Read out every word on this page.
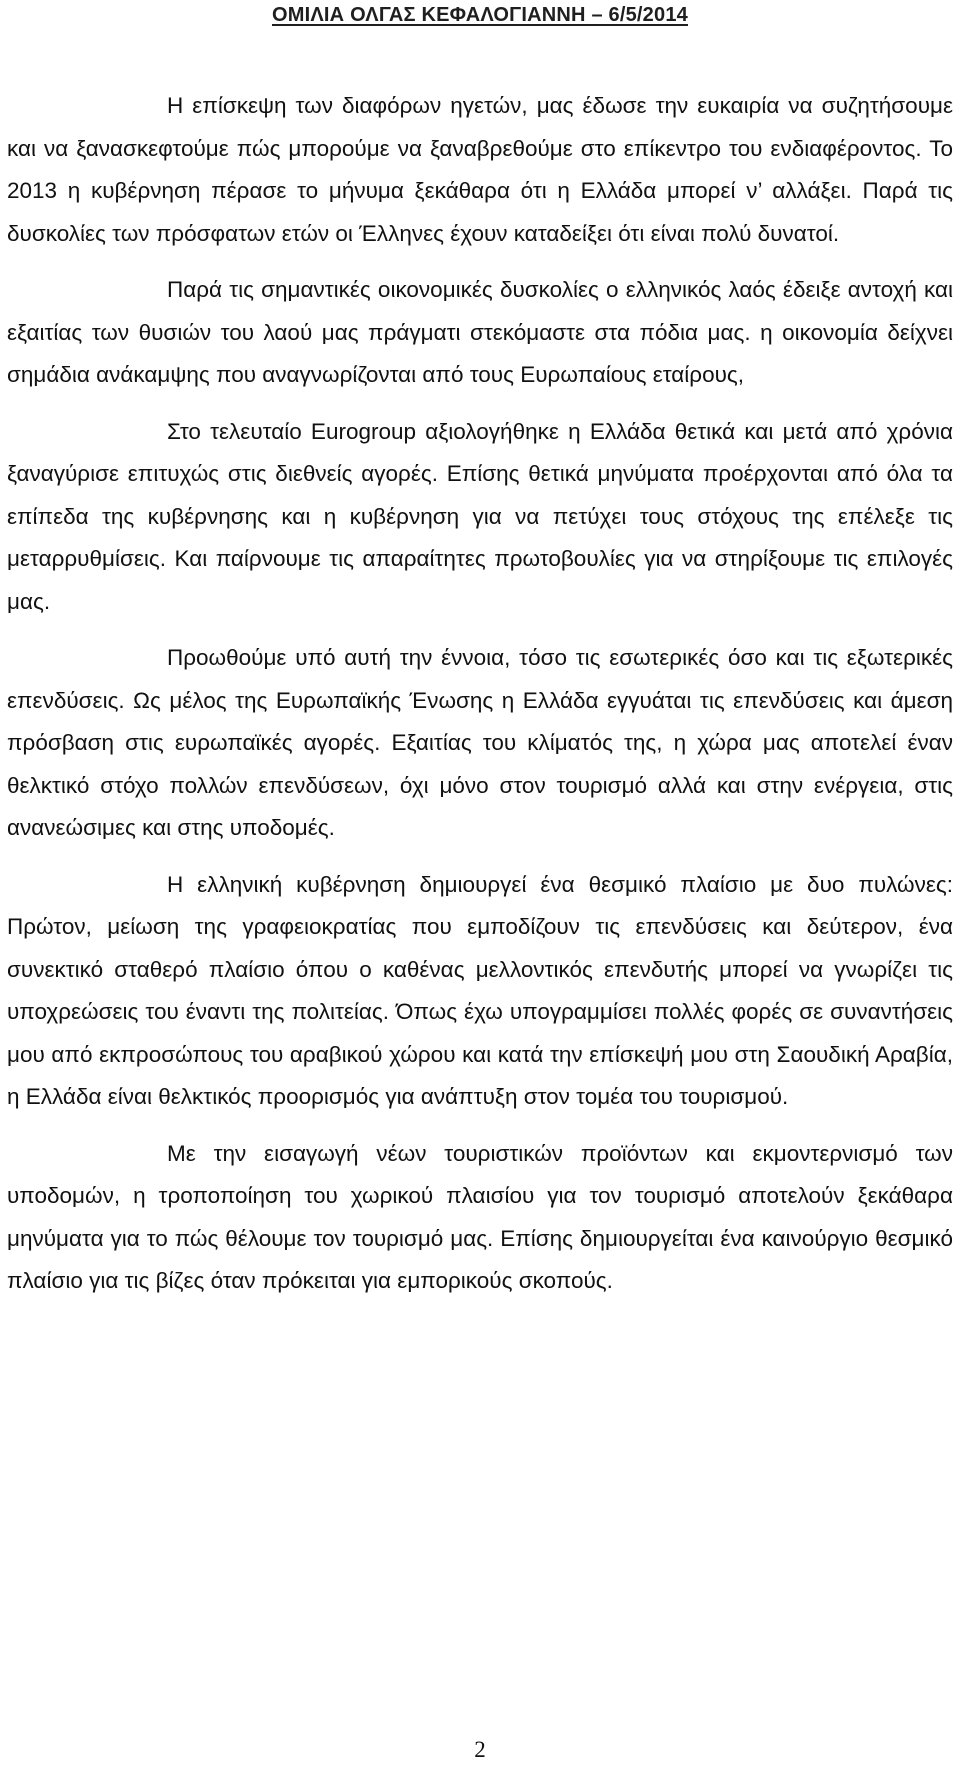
ΟΜΙΛΙΑ ΟΛΓΑΣ ΚΕΦΑΛΟΓΙΑΝΝΗ – 6/5/2014

Η επίσκεψη των διαφόρων ηγετών, μας έδωσε την ευκαιρία να συζητήσουμε και να ξανασκεφτούμε πώς μπορούμε να ξαναβρεθούμε στο επίκεντρο του ενδιαφέροντος. Το 2013 η κυβέρνηση πέρασε το μήνυμα ξεκάθαρα ότι η Ελλάδα μπορεί ν’ αλλάξει. Παρά τις δυσκολίες των πρόσφατων ετών οι Έλληνες έχουν καταδείξει ότι είναι πολύ δυνατοί.

Παρά τις σημαντικές οικονομικές δυσκολίες ο ελληνικός λαός έδειξε αντοχή και εξαιτίας των θυσιών του λαού μας πράγματι στεκόμαστε στα πόδια μας. η οικονομία δείχνει σημάδια ανάκαμψης που αναγνωρίζονται από τους Ευρωπαίους εταίρους,

Στο τελευταίο Eurogroup αξιολογήθηκε η Ελλάδα θετικά και μετά από χρόνια ξαναγύρισε επιτυχώς στις διεθνείς αγορές. Επίσης θετικά μηνύματα προέρχονται από όλα τα επίπεδα της κυβέρνησης και η κυβέρνηση για να πετύχει τους στόχους της επέλεξε τις μεταρρυθμίσεις. Και παίρνουμε τις απαραίτητες πρωτοβουλίες για να στηρίξουμε τις επιλογές μας.

Προωθούμε υπό αυτή την έννοια, τόσο τις εσωτερικές όσο και τις εξωτερικές επενδύσεις. Ως μέλος της Ευρωπαϊκής Ένωσης η Ελλάδα εγγυάται τις επενδύσεις και άμεση πρόσβαση στις ευρωπαϊκές αγορές. Εξαιτίας του κλίματός της, η χώρα μας αποτελεί έναν θελκτικό στόχο πολλών επενδύσεων, όχι μόνο στον τουρισμό αλλά και στην ενέργεια, στις ανανεώσιμες και στης υποδομές.

Η ελληνική κυβέρνηση δημιουργεί ένα θεσμικό πλαίσιο με δυο πυλώνες: Πρώτον, μείωση της γραφειοκρατίας που εμποδίζουν τις επενδύσεις και δεύτερον, ένα συνεκτικό σταθερό πλαίσιο όπου ο καθένας μελλοντικός επενδυτής μπορεί να γνωρίζει τις υποχρεώσεις του έναντι της πολιτείας. Όπως έχω υπογραμμίσει πολλές φορές σε συναντήσεις μου από εκπροσώπους του αραβικού χώρου και κατά την επίσκεψή μου στη Σαουδική Αραβία, η Ελλάδα είναι θελκτικός προορισμός για ανάπτυξη στον τομέα του τουρισμού.

Με την εισαγωγή νέων τουριστικών προϊόντων και εκμοντερνισμό των υποδομών, η τροποποίηση του χωρικού πλαισίου για τον τουρισμό αποτελούν ξεκάθαρα μηνύματα για το πώς θέλουμε τον τουρισμό μας. Επίσης δημιουργείται ένα καινούργιο θεσμικό πλαίσιο για τις βίζες όταν πρόκειται για εμπορικούς σκοπούς.

2
